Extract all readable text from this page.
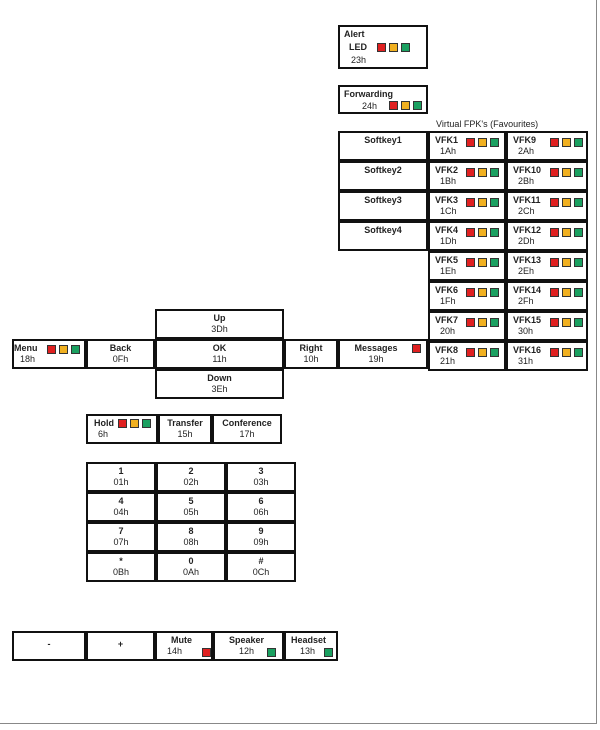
Alert
LED
23h
Forwarding
24h
Virtual FPK's (Favourites)
Up
3Dh
Menu
18h
Back
0Fh
OK
11h
Right
10h
Messages
19h
Down
3Eh
Hold
6h
Transfer
15h
Conference
17h
-	+	Mute
14h
Speaker
12h
Headset
13h
Softkey1
Softkey2
Softkey3
Softkey4
VFK1
1Ah
VFK2
1Bh
VFK3
1Ch
VFK4
1Dh
VFK5
1Eh
VFK6
1Fh
VFK7
20h
VFK8
21h
VFK9
2Ah
VFK10
2Bh
VFK11
2Ch
VFK12
2Dh
VFK13
2Eh
VFK14
2Fh
VFK15
30h
VFK16
31h
1
01h
2
02h
3
03h
4
04h
5
05h
6
06h
7
07h
8
08h
9
09h
*
0Bh
0
0Ah
#
0Ch
